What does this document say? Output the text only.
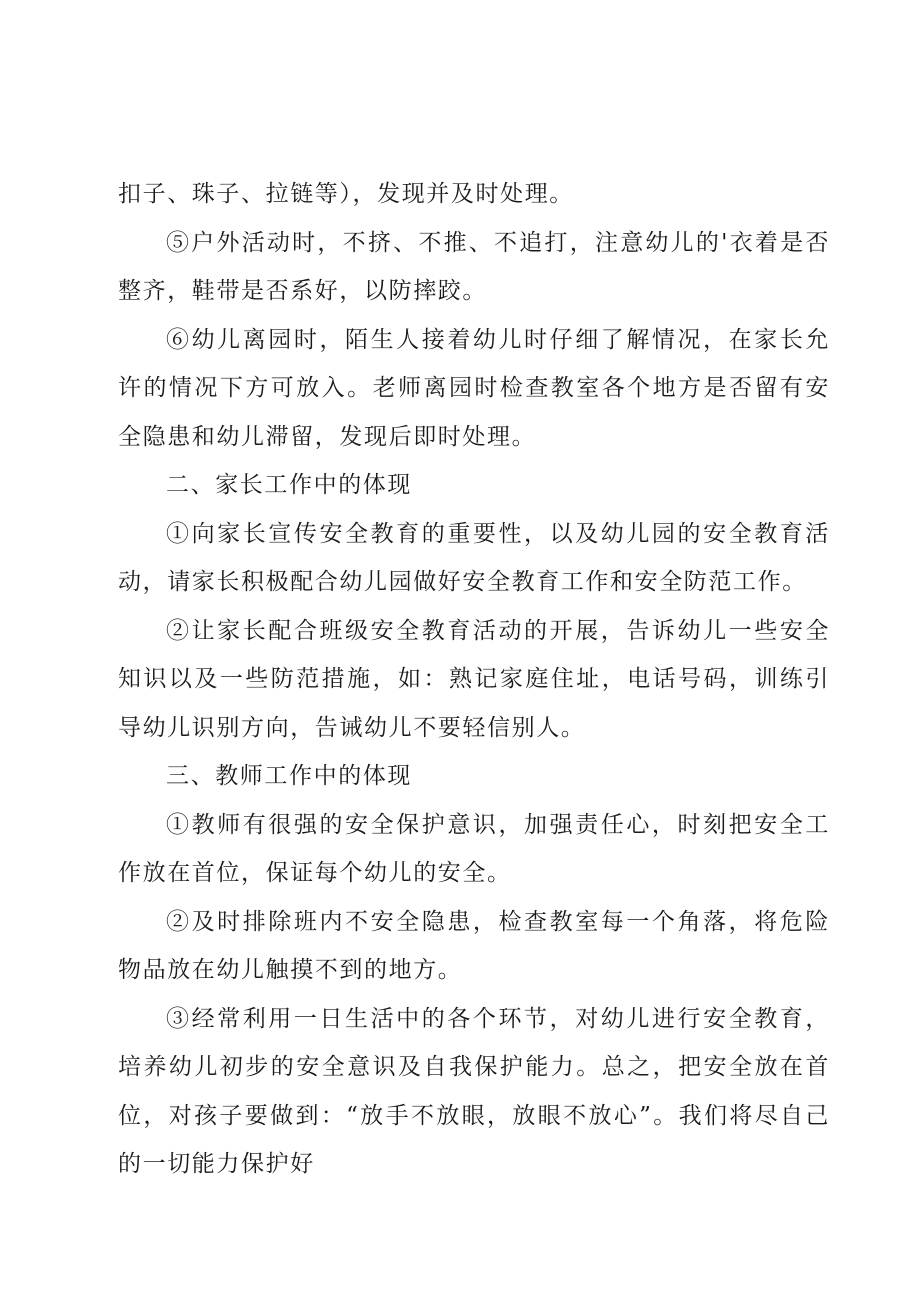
扣子、珠子、拉链等），发现并及时处理。

⑤户外活动时，不挤、不推、不追打，注意幼儿的'衣着是否整齐，鞋带是否系好，以防摔跤。

⑥幼儿离园时，陌生人接着幼儿时仔细了解情况，在家长允许的情况下方可放入。老师离园时检查教室各个地方是否留有安全隐患和幼儿滞留，发现后即时处理。

二、家长工作中的体现

①向家长宣传安全教育的重要性，以及幼儿园的安全教育活动，请家长积极配合幼儿园做好安全教育工作和安全防范工作。

②让家长配合班级安全教育活动的开展，告诉幼儿一些安全知识以及一些防范措施，如：熟记家庭住址，电话号码，训练引导幼儿识别方向，告诫幼儿不要轻信别人。

三、教师工作中的体现

①教师有很强的安全保护意识，加强责任心，时刻把安全工作放在首位，保证每个幼儿的安全。

②及时排除班内不安全隐患，检查教室每一个角落，将危险物品放在幼儿触摸不到的地方。

③经常利用一日生活中的各个环节，对幼儿进行安全教育，培养幼儿初步的安全意识及自我保护能力。总之，把安全放在首位，对孩子要做到：“放手不放眼，放眼不放心”。我们将尽自己的一切能力保护好
